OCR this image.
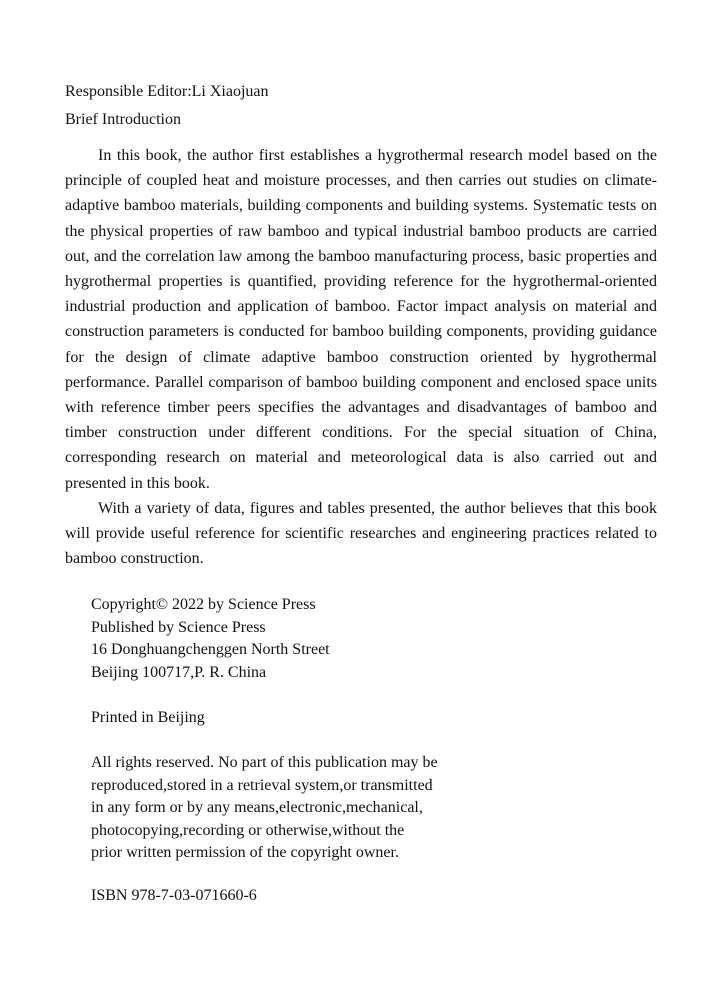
Responsible Editor:Li Xiaojuan
Brief Introduction

In this book, the author first establishes a hygrothermal research model based on the principle of coupled heat and moisture processes, and then carries out studies on climate-adaptive bamboo materials, building components and building systems. Systematic tests on the physical properties of raw bamboo and typical industrial bamboo products are carried out, and the correlation law among the bamboo manufacturing process, basic properties and hygrothermal properties is quantified, providing reference for the hygrothermal-oriented industrial production and application of bamboo. Factor impact analysis on material and construction parameters is conducted for bamboo building components, providing guidance for the design of climate adaptive bamboo construction oriented by hygrothermal performance. Parallel comparison of bamboo building component and enclosed space units with reference timber peers specifies the advantages and disadvantages of bamboo and timber construction under different conditions. For the special situation of China, corresponding research on material and meteorological data is also carried out and presented in this book.

With a variety of data, figures and tables presented, the author believes that this book will provide useful reference for scientific researches and engineering practices related to bamboo construction.

Copyright© 2022 by Science Press
Published by Science Press
16 Donghuangchenggen North Street
Beijing 100717,P. R. China
Printed in Beijing
All rights reserved. No part of this publication may be
reproduced,stored in a retrieval system,or transmitted
in any form or by any means,electronic,mechanical,
photocopying,recording or otherwise,without the
prior written permission of the copyright owner.
ISBN 978-7-03-071660-6
